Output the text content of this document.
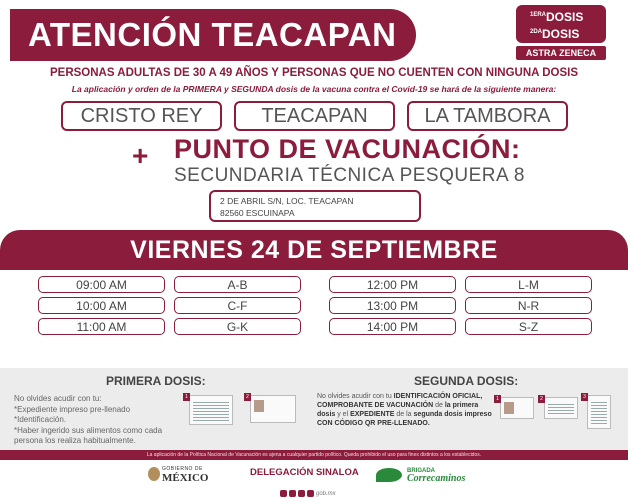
ATENCIÓN TEACAPAN
$^{1ERA}$DOSIS
$^{2DA}$DOSIS
ASTRA ZENECA
PERSONAS ADULTAS DE 30 A 49 AÑOS Y PERSONAS QUE NO CUENTEN CON NINGUNA DOSIS
La aplicación y orden de la PRIMERA y SEGUNDA dosis de la vacuna contra el Covid-19 se hará de la siguiente manera:
CRISTO REY	TEACAPAN	LA TAMBORA
+ PUNTO DE VACUNACIÓN:
SECUNDARIA TÉCNICA PESQUERA 8
2 DE ABRIL S/N, LOC. TEACAPAN
82560 ESCUINAPA
VIERNES 24 DE SEPTIEMBRE
09:00 AM	A-B
10:00 AM	C-F
11:00 AM	G-K
12:00 PM	L-M
13:00 PM	N-R
14:00 PM	S-Z
PRIMERA DOSIS:	SEGUNDA DOSIS:
No olvides acudir con tu:
*Expediente impreso pre-llenado
*Identificación.
*Haber ingerido sus alimentos como cada persona los realiza habitualmente.
1	2	No olvides acudir con tu IDENTIFICACIÓN OFICIAL, COMPROBANTE DE VACUNACIÓN de la primera dosis y el EXPEDIENTE de la segunda dosis impreso CON CÓDIGO QR PRE-LLENADO.
1	2	3
La aplicación de la Política Nacional de Vacunación es ajena a cualquier partido político. Queda prohibido el uso para fines distintos a los establecidos.
GOBIERNO DE
MÉXICO	DELEGACIÓN SINALOA	BRIGADA
Correcaminos
gob.mx
